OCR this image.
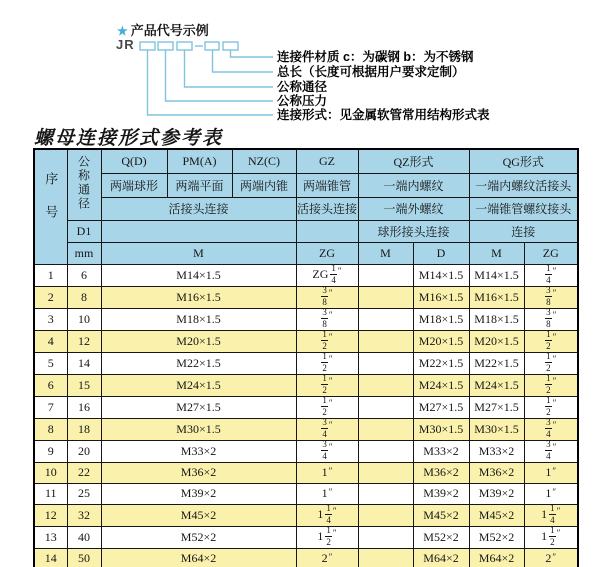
★ 产品代号示例
JR
连接件材质 c：为碳钢 b：为不锈钢
总长（长度可根据用户要求定制）
公称通径
公称压力
连接形式：见金属软管常用结构形式表
螺母连接形式参考表
序号	公称通径	Q(D)	PM(A)	NZ(C)	GZ	QZ形式		QG形式	
		两端球形	两端平面	两端内锥	两端锥管	一端内螺纹		一端内螺纹活接头	
		活接头连接			活接头连接	一端外螺纹		一端锥管螺纹接头	
	D1					球形接头连接		连接	
	mm	M			ZG	M	D	M	ZG
1	6	M14×1.5			ZG $\frac{1}{4} ''$		M14×1.5	M14×1.5	$\frac{1}{4} ''$
2	8	M16×1.5			$\frac{3}{8} ''$		M16×1.5	M16×1.5	$\frac{3}{8} ''$
3	10	M18×1.5			$\frac{3}{8} ''$		M18×1.5	M18×1.5	$\frac{3}{8} ''$
4	12	M20×1.5			$\frac{1}{2} ''$		M20×1.5	M20×1.5	$\frac{1}{2} ''$
5	14	M22×1.5			$\frac{1}{2} ''$		M22×1.5	M22×1.5	$\frac{1}{2} ''$
6	15	M24×1.5			$\frac{1}{2} ''$		M24×1.5	M24×1.5	$\frac{1}{2} ''$
7	16	M27×1.5			$\frac{1}{2} ''$		M27×1.5	M27×1.5	$\frac{1}{2} ''$
8	18	M30×1.5			$\frac{3}{4} ''$		M30×1.5	M30×1.5	$\frac{3}{4} ''$
9	20	M33×2			$\frac{3}{4} ''$		M33×2	M33×2	$\frac{3}{4} ''$
10	22	M36×2			1″		M36×2	M36×2	1″
11	25	M39×2			1″		M39×2	M39×2	1″
12	32	M45×2			$1 \frac{1}{4} ''$		M45×2	M45×2	$1 \frac{1}{4} ''$
13	40	M52×2			$1 \frac{1}{2} ''$		M52×2	M52×2	$1 \frac{1}{2} ''$
14	50	M64×2			2″		M64×2	M64×2	2″
